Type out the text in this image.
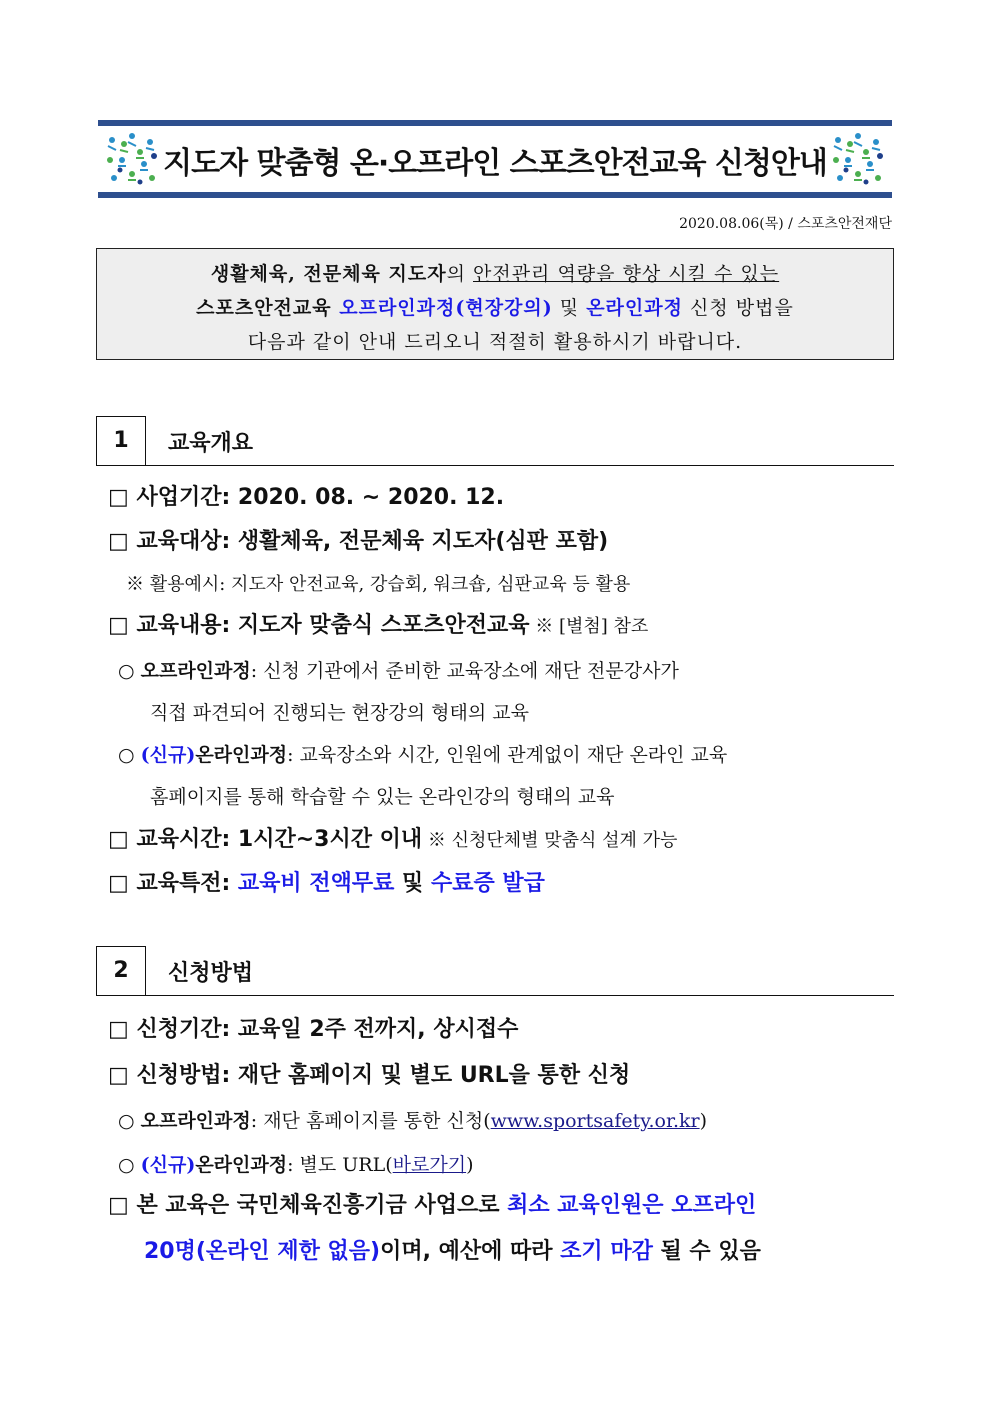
지도자 맞춤형 온·오프라인 스포츠안전교육 신청안내
2020.08.06(목) / 스포츠안전재단
생활체육, 전문체육 지도자의 안전관리 역량을 향상 시킬 수 있는
스포츠안전교육 오프라인과정(현장강의) 및 온라인과정 신청 방법을
다음과 같이 안내 드리오니 적절히 활용하시기 바랍니다.
1	교육개요
□ 사업기간: 2020. 08. ~ 2020. 12.
□ 교육대상: 생활체육, 전문체육 지도자(심판 포함)
※ 활용예시: 지도자 안전교육, 강습회, 워크숍, 심판교육 등 활용
□ 교육내용: 지도자 맞춤식 스포츠안전교육 ※ [별첨] 참조
○ 오프라인과정: 신청 기관에서 준비한 교육장소에 재단 전문강사가
직접 파견되어 진행되는 현장강의 형태의 교육
○ (신규)온라인과정: 교육장소와 시간, 인원에 관계없이 재단 온라인 교육
홈페이지를 통해 학습할 수 있는 온라인강의 형태의 교육
□ 교육시간: 1시간~3시간 이내 ※ 신청단체별 맞춤식 설계 가능
□ 교육특전: 교육비 전액무료 및 수료증 발급
2	신청방법
□ 신청기간: 교육일 2주 전까지, 상시접수
□ 신청방법: 재단 홈페이지 및 별도 URL을 통한 신청
○ 오프라인과정: 재단 홈페이지를 통한 신청(www.sportsafety.or.kr)
○ (신규)온라인과정: 별도 URL(바로가기)
□ 본 교육은 국민체육진흥기금 사업으로 최소 교육인원은 오프라인
20명(온라인 제한 없음)이며, 예산에 따라 조기 마감 될 수 있음
